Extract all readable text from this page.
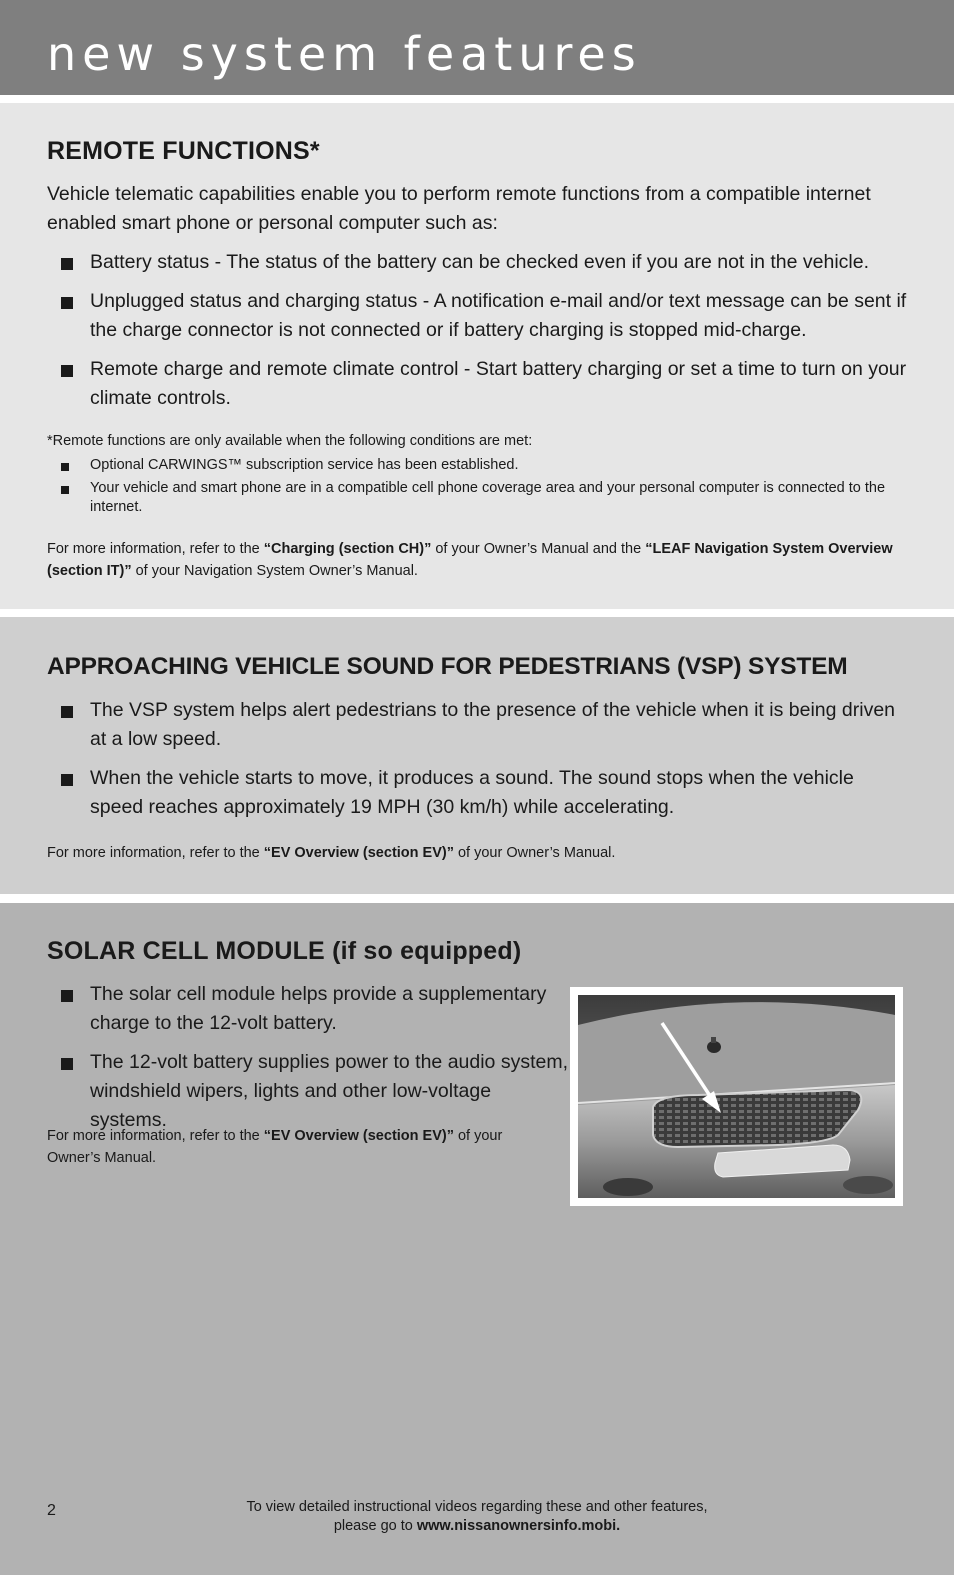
new system features
REMOTE FUNCTIONS*

Vehicle telematic capabilities enable you to perform remote functions from a compatible internet enabled smart phone or personal computer such as:

Battery status - The status of the battery can be checked even if you are not in the vehicle.
Unplugged status and charging status - A notification e-mail and/or text message can be sent if the charge connector is not connected or if battery charging is stopped mid-charge.
Remote charge and remote climate control - Start battery charging or set a time to turn on your climate controls.

*Remote functions are only available when the following conditions are met:

Optional CARWINGS™ subscription service has been established.
Your vehicle and smart phone are in a compatible cell phone coverage area and your personal computer is connected to the internet.

For more information, refer to the “Charging (section CH)” of your Owner’s Manual and the “LEAF Navigation System Overview (section IT)” of your Navigation System Owner’s Manual.

APPROACHING VEHICLE SOUND FOR PEDESTRIANS (VSP) SYSTEM
The VSP system helps alert pedestrians to the presence of the vehicle when it is being driven at a low speed.
When the vehicle starts to move, it produces a sound. The sound stops when the vehicle speed reaches approximately 19 MPH (30 km/h) while accelerating.

For more information, refer to the “EV Overview (section EV)” of your Owner’s Manual.

SOLAR CELL MODULE (if so equipped)
The solar cell module helps provide a supplementary charge to the 12-volt battery.
The 12-volt battery supplies power to the audio system, windshield wipers, lights and other low-voltage systems.

For more information, refer to the “EV Overview (section EV)” of your Owner’s Manual.

2	To view detailed instructional videos regarding these and other features,
please go to www.nissanownersinfo.mobi.
